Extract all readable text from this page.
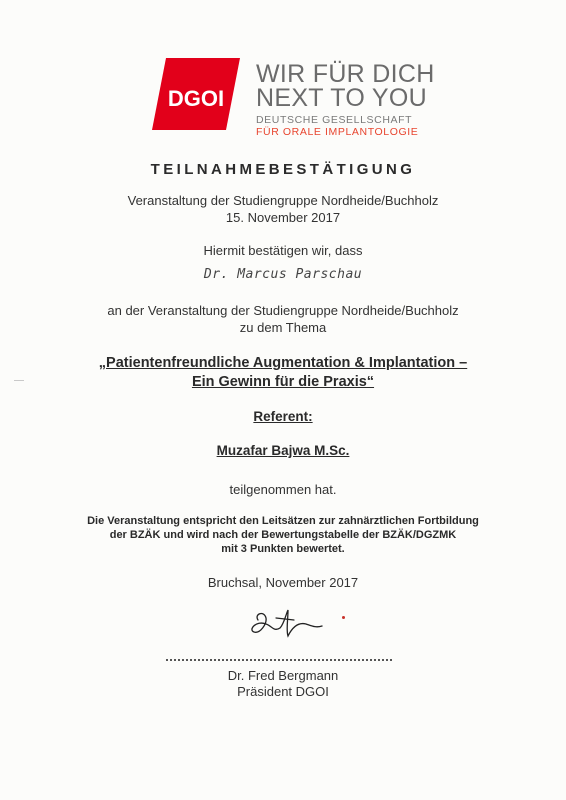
DGOI
WIR FÜR DICH
NEXT TO YOU
DEUTSCHE GESELLSCHAFT
FÜR ORALE IMPLANTOLOGIE
TEILNAHMEBESTÄTIGUNG
Veranstaltung der Studiengruppe Nordheide/Buchholz
15. November 2017
Hiermit bestätigen wir, dass
Dr. Marcus Parschau
an der Veranstaltung der Studiengruppe Nordheide/Buchholz
zu dem Thema
„Patientenfreundliche Augmentation & Implantation –
Ein Gewinn für die Praxis“
Referent:
Muzafar Bajwa M.Sc.
teilgenommen hat.
Die Veranstaltung entspricht den Leitsätzen zur zahnärztlichen Fortbildung
der BZÄK und wird nach der Bewertungstabelle der BZÄK/DGZMK
mit 3 Punkten bewertet.
Bruchsal, November 2017
Dr. Fred Bergmann
Präsident DGOI
